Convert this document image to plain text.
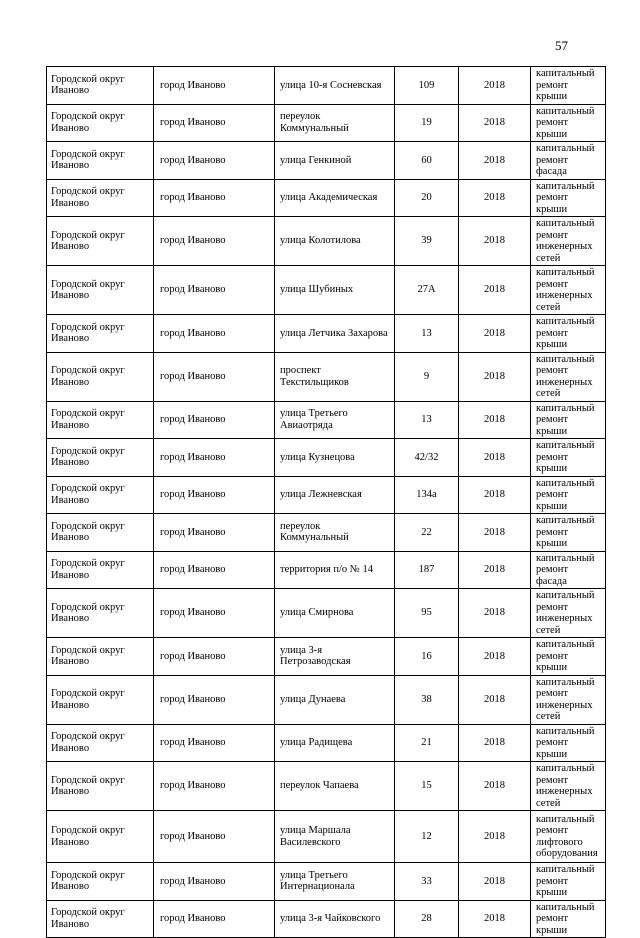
57
Городской округ Иваново	город Иваново	улица 10-я Сосневская	109	2018	капитальный ремонт крыши
Городской округ Иваново	город Иваново	переулок Коммунальный	19	2018	капитальный ремонт крыши
Городской округ Иваново	город Иваново	улица Генкиной	60	2018	капитальный ремонт фасада
Городской округ Иваново	город Иваново	улица Академическая	20	2018	капитальный ремонт крыши
Городской округ Иваново	город Иваново	улица Колотилова	39	2018	капитальный ремонт инженерных сетей
Городской округ Иваново	город Иваново	улица Шубиных	27А	2018	капитальный ремонт инженерных сетей
Городской округ Иваново	город Иваново	улица Летчика Захарова	13	2018	капитальный ремонт крыши
Городской округ Иваново	город Иваново	проспект Текстильщиков	9	2018	капитальный ремонт инженерных сетей
Городской округ Иваново	город Иваново	улица Третьего Авиаотряда	13	2018	капитальный ремонт крыши
Городской округ Иваново	город Иваново	улица Кузнецова	42/32	2018	капитальный ремонт крыши
Городской округ Иваново	город Иваново	улица Лежневская	134а	2018	капитальный ремонт крыши
Городской округ Иваново	город Иваново	переулок Коммунальный	22	2018	капитальный ремонт крыши
Городской округ Иваново	город Иваново	территория п/о № 14	187	2018	капитальный ремонт фасада
Городской округ Иваново	город Иваново	улица Смирнова	95	2018	капитальный ремонт инженерных сетей
Городской округ Иваново	город Иваново	улица 3-я Петрозаводская	16	2018	капитальный ремонт крыши
Городской округ Иваново	город Иваново	улица Дунаева	38	2018	капитальный ремонт инженерных сетей
Городской округ Иваново	город Иваново	улица Радищева	21	2018	капитальный ремонт крыши
Городской округ Иваново	город Иваново	переулок Чапаева	15	2018	капитальный ремонт инженерных сетей
Городской округ Иваново	город Иваново	улица Маршала Василевского	12	2018	капитальный ремонт лифтового оборудования
Городской округ Иваново	город Иваново	улица Третьего Интернационала	33	2018	капитальный ремонт крыши
Городской округ Иваново	город Иваново	улица 3-я Чайковского	28	2018	капитальный ремонт крыши
